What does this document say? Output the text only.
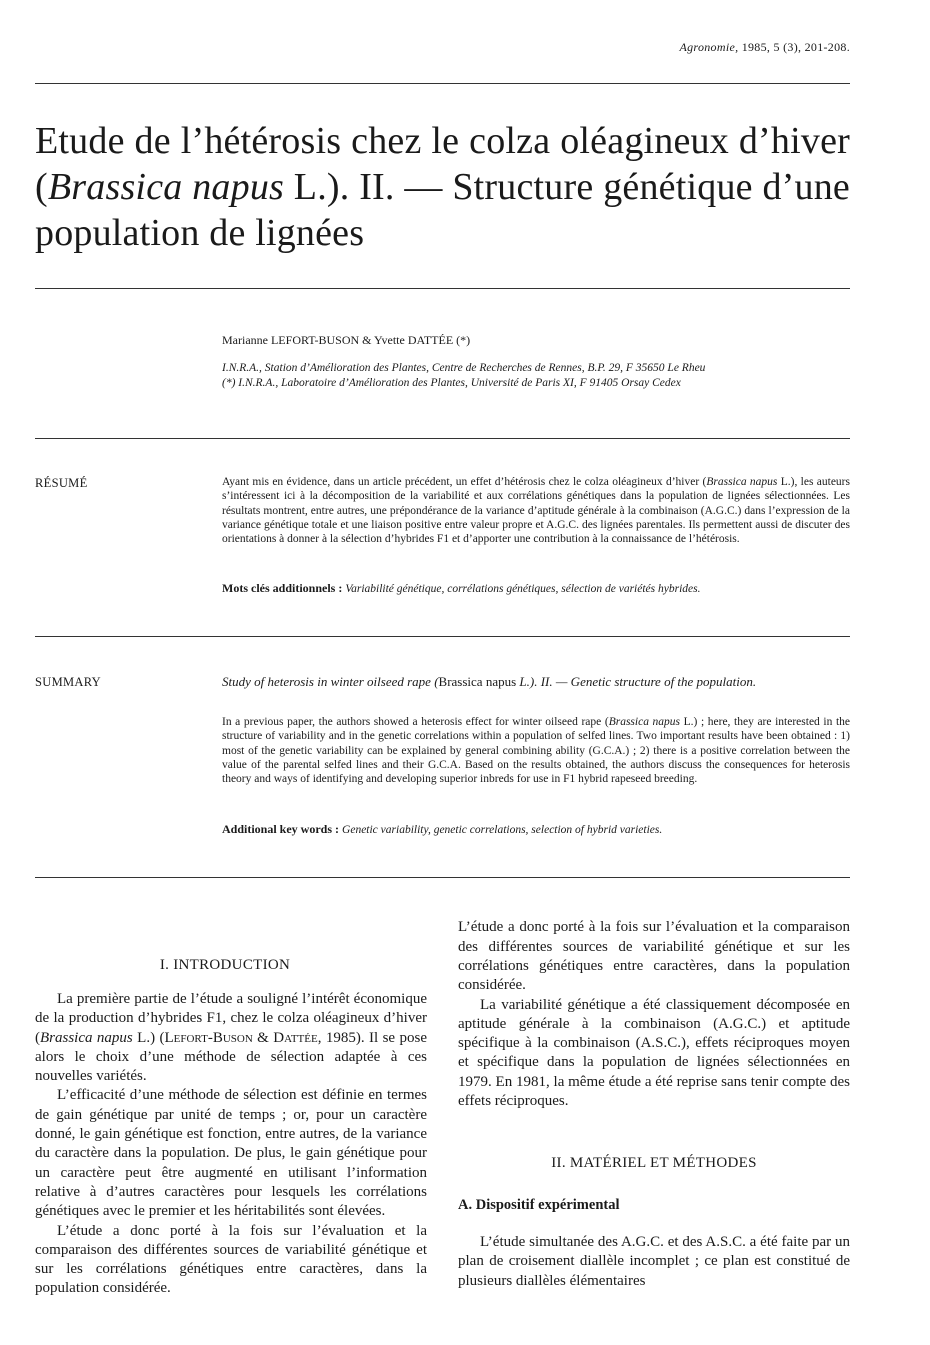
Agronomie, 1985, 5 (3), 201-208.
Etude de l’hétérosis chez le colza oléagineux d’hiver (Brassica napus L.). II. — Structure génétique d’une population de lignées
Marianne LEFORT-BUSON & Yvette DATTÉE (*)
I.N.R.A., Station d’Amélioration des Plantes, Centre de Recherches de Rennes, B.P. 29, F 35650 Le Rheu
(*) I.N.R.A., Laboratoire d’Amélioration des Plantes, Université de Paris XI, F 91405 Orsay Cedex
RÉSUMÉ	Ayant mis en évidence, dans un article précédent, un effet d’hétérosis chez le colza oléagineux d’hiver (Brassica napus L.), les auteurs s’intéressent ici à la décomposition de la variabilité et aux corrélations génétiques dans la population de lignées sélectionnées. Les résultats montrent, entre autres, une prépondérance de la variance d’aptitude générale à la combinaison (A.G.C.) dans l’expression de la variance génétique totale et une liaison positive entre valeur propre et A.G.C. des lignées parentales. Ils permettent aussi de discuter des orientations à donner à la sélection d’hybrides F1 et d’apporter une contribution à la connaissance de l’hétérosis.
Mots clés additionnels : Variabilité génétique, corrélations génétiques, sélection de variétés hybrides.
SUMMARY	Study of heterosis in winter oilseed rape (Brassica napus L.). II. — Genetic structure of the population.
In a previous paper, the authors showed a heterosis effect for winter oilseed rape (Brassica napus L.) ; here, they are interested in the structure of variability and in the genetic correlations within a population of selfed lines. Two important results have been obtained : 1) most of the genetic variability can be explained by general combining ability (G.C.A.) ; 2) there is a positive correlation between the value of the parental selfed lines and their G.C.A. Based on the results obtained, the authors discuss the consequences for heterosis theory and ways of identifying and developing superior inbreds for use in F1 hybrid rapeseed breeding.
Additional key words : Genetic variability, genetic correlations, selection of hybrid varieties.
I. INTRODUCTION

La première partie de l’étude a souligné l’intérêt économique de la production d’hybrides F1, chez le colza oléagineux d’hiver (Brassica napus L.) (Lefort-Buson & Dattée, 1985). Il se pose alors le choix d’une méthode de sélection adaptée à ces nouvelles variétés.

L’efficacité d’une méthode de sélection est définie en termes de gain génétique par unité de temps ; or, pour un caractère donné, le gain génétique est fonction, entre autres, de la variance du caractère dans la population. De plus, le gain génétique pour un caractère peut être augmenté en utilisant l’information relative à d’autres caractères pour lesquels les corrélations génétiques avec le premier et les héritabilités sont élevées.

L’étude a donc porté à la fois sur l’évaluation et la comparaison des différentes sources de variabilité génétique et sur les corrélations génétiques entre caractères, dans la population considérée.

L’étude a donc porté à la fois sur l’évaluation et la comparaison des différentes sources de variabilité génétique et sur les corrélations génétiques entre caractères, dans la population considérée.

La variabilité génétique a été classiquement décomposée en aptitude générale à la combinaison (A.G.C.) et aptitude spécifique à la combinaison (A.S.C.), effets réciproques moyen et spécifique dans la population de lignées sélectionnées en 1979. En 1981, la même étude a été reprise sans tenir compte des effets réciproques.

II. MATÉRIEL ET MÉTHODES
A. Dispositif expérimental

L’étude simultanée des A.G.C. et des A.S.C. a été faite par un plan de croisement diallèle incomplet ; ce plan est constitué de plusieurs diallèles élémentaires
